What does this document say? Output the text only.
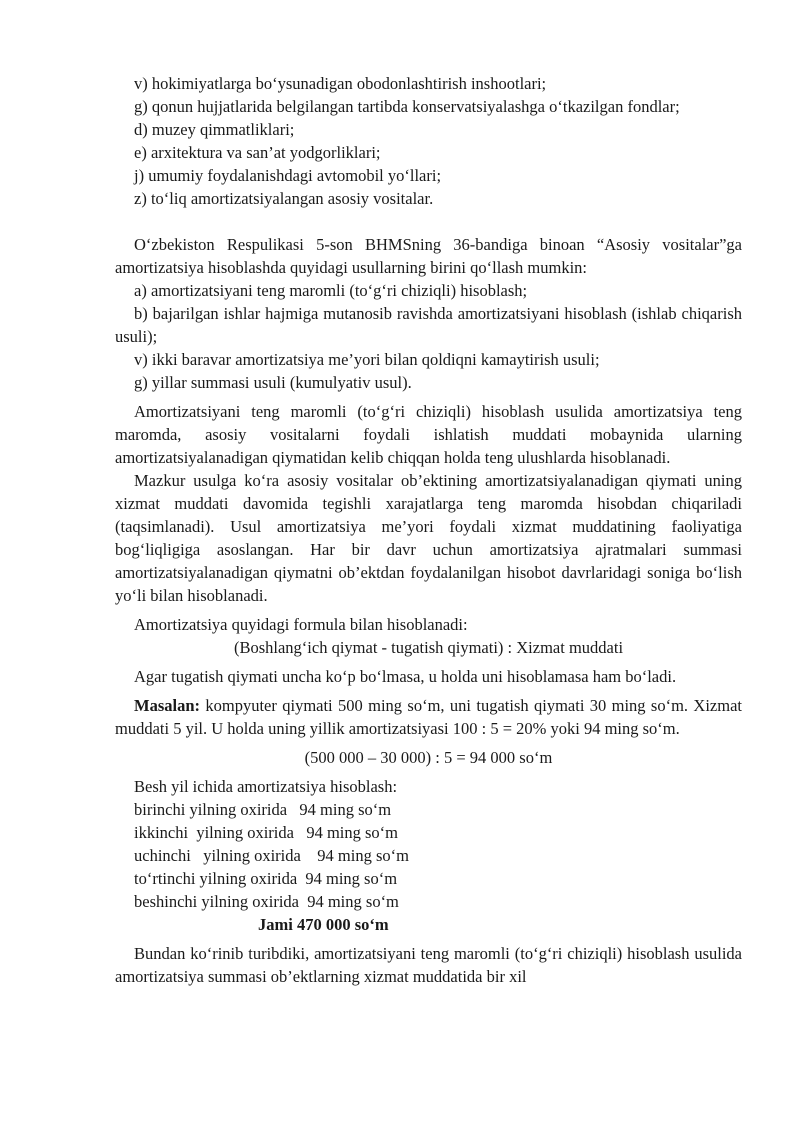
v) hokimiyatlarga bo‘ysunadigan obodonlashtirish inshootlari;

g) qonun hujjatlarida belgilangan tartibda konservatsiyalashga o‘tkazilgan fondlar;

d) muzey qimmatliklari;

e) arxitektura va san’at yodgorliklari;

j) umumiy foydalanishdagi avtomobil yo‘llari;

z) to‘liq amortizatsiyalangan asosiy vositalar.

O‘zbekiston Respulikasi 5-son BHMSning 36-bandiga binoan “Asosiy vositalar”ga amortizatsiya hisoblashda quyidagi usullarning birini qo‘llash mumkin:

a) amortizatsiyani teng maromli (to‘g‘ri chiziqli) hisoblash;

b) bajarilgan ishlar hajmiga mutanosib ravishda amortizatsiyani hisoblash (ishlab chiqarish usuli);

v) ikki baravar amortizatsiya me’yori bilan qoldiqni kamaytirish usuli;

g) yillar summasi usuli (kumulyativ usul).

Amortizatsiyani teng maromli (to‘g‘ri chiziqli) hisoblash usulida amortizatsiya teng maromda, asosiy vositalarni foydali ishlatish muddati mobaynida ularning amortizatsiyalanadigan qiymatidan kelib chiqqan holda teng ulushlarda hisoblanadi.

Mazkur usulga ko‘ra asosiy vositalar ob’ektining amortizatsiyalanadigan qiymati uning xizmat muddati davomida tegishli xarajatlarga teng maromda hisobdan chiqariladi (taqsimlanadi). Usul amortizatsiya me’yori foydali xizmat muddatining faoliyatiga bog‘liqligiga asoslangan. Har bir davr uchun amortizatsiya ajratmalari summasi amortizatsiyalanadigan qiymatni ob’ektdan foydalanilgan hisobot davrlaridagi soniga bo‘lish yo‘li bilan hisoblanadi.

Amortizatsiya quyidagi formula bilan hisoblanadi:

(Boshlang‘ich qiymat - tugatish qiymati) : Xizmat muddati

Agar tugatish qiymati uncha ko‘p bo‘lmasa, u holda uni hisoblamasa ham bo‘ladi.

Masalan: kompyuter qiymati 500 ming so‘m, uni tugatish qiymati 30 ming so‘m. Xizmat muddati 5 yil. U holda uning yillik amortizatsiyasi 100 : 5 = 20% yoki 94 ming so‘m.

(500 000 – 30 000) : 5 = 94 000 so‘m

Besh yil ichida amortizatsiya hisoblash:

birinchi yilning oxirida   94 ming so‘m

ikkinchi  yilning oxirida   94 ming so‘m

uchinchi   yilning oxirida    94 ming so‘m

to‘rtinchi yilning oxirida  94 ming so‘m

beshinchi yilning oxirida  94 ming so‘m

Jami 470 000 so‘m

Bundan ko‘rinib turibdiki, amortizatsiyani teng maromli (to‘g‘ri chiziqli) hisoblash usulida amortizatsiya summasi ob’ektlarning xizmat muddatida bir xil
